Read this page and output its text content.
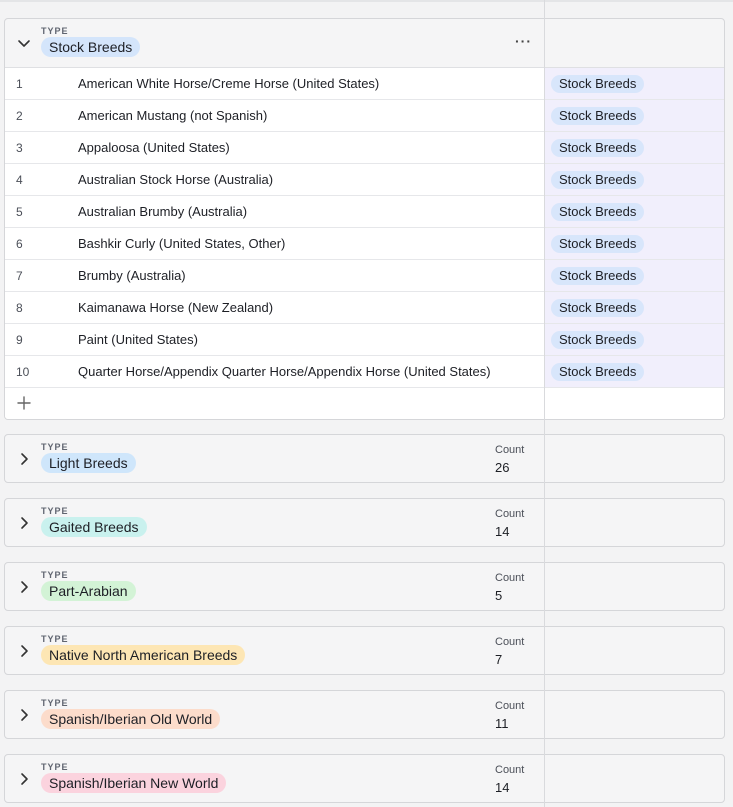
TYPE
Stock Breeds	···
1	American White Horse/Creme Horse (United States)	Stock Breeds
2	American Mustang (not Spanish)	Stock Breeds
3	Appaloosa (United States)	Stock Breeds
4	Australian Stock Horse (Australia)	Stock Breeds
5	Australian Brumby (Australia)	Stock Breeds
6	Bashkir Curly (United States, Other)	Stock Breeds
7	Brumby (Australia)	Stock Breeds
8	Kaimanawa Horse (New Zealand)	Stock Breeds
9	Paint (United States)	Stock Breeds
10	Quarter Horse/Appendix Quarter Horse/Appendix Horse (United States)	Stock Breeds
TYPE
Light Breeds
Count
26
TYPE
Gaited Breeds
Count
14
TYPE
Part-Arabian
Count
5
TYPE
Native North American Breeds
Count
7
TYPE
Spanish/Iberian Old World
Count
11
TYPE
Spanish/Iberian New World
Count
14
